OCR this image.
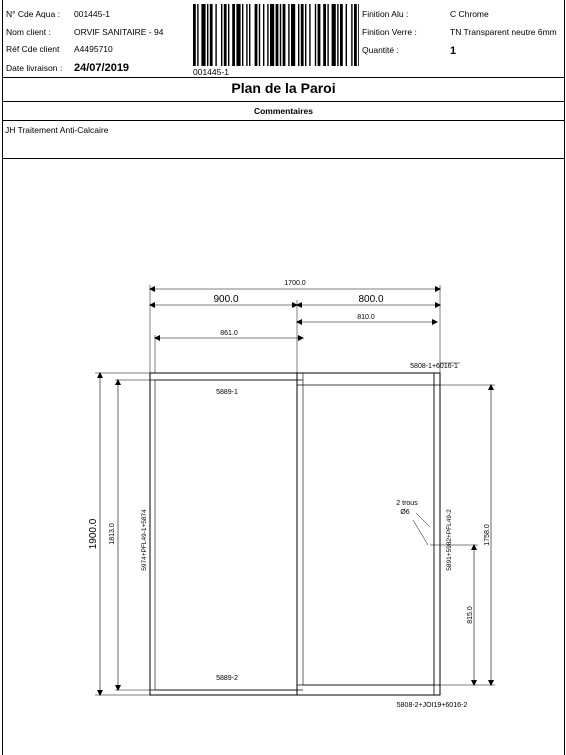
N° Cde Aqua : 001445-1
Nom client :	ORVIF SANITAIRE - 94
Réf Cde client A4495710
Date livraison : 24/07/2019	001445-1
Finition Alu :	C Chrome
Finition Verre :	TN Transparent neutre 6mm
Quantité :	1
Plan de la Paroi
Commentaires
JH Traitement Anti-Calcaire
900.0	800.0
1700.0
810.0
861.0
5889-1
5889-2
5808-1+6016-1
5808-2+JOI19+6016-2
2 trous
Ø6
1900.0 1813.0	5974+PFL49-1+5874	5891+5982+PFL49-2	1758.0
815.0
